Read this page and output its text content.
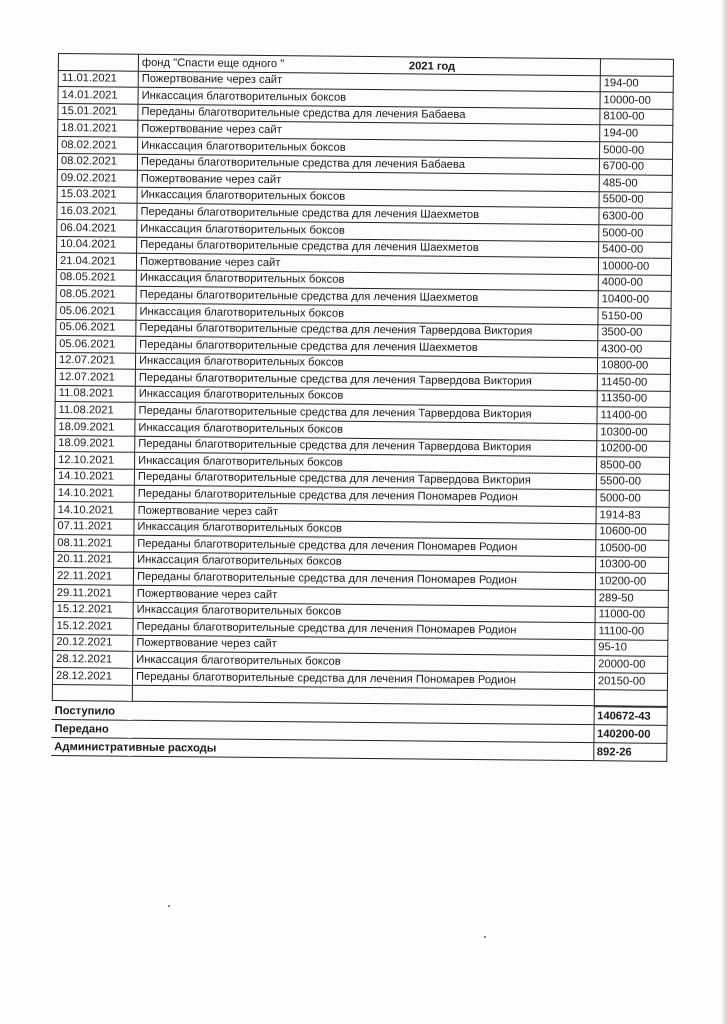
	фонд "Спасти еще одного " 2021 год	

11.01.2021	Пожертвование через сайт	194-00
14.01.2021	Инкассация благотворительных боксов	10000-00
15.01.2021	Переданы благотворительные средства для лечения Бабаева	8100-00
18.01.2021	Пожертвование через сайт	194-00
08.02.2021	Инкассация благотворительных боксов	5000-00
08.02.2021	Переданы благотворительные средства для лечения Бабаева	6700-00
09.02.2021	Пожертвование через сайт	485-00
15.03.2021	Инкассация благотворительных боксов	5500-00
16.03.2021	Переданы благотворительные средства для лечения Шаехметов	6300-00
06.04.2021	Инкассация благотворительных боксов	5000-00
10.04.2021	Переданы благотворительные средства для лечения Шаехметов	5400-00
21.04.2021	Пожертвование через сайт	10000-00
08.05.2021	Инкассация благотворительных боксов	4000-00
08.05.2021	Переданы благотворительные средства для лечения Шаехметов	10400-00
05.06.2021	Инкассация благотворительных боксов	5150-00
05.06.2021	Переданы благотворительные средства для лечения Тарвердова Виктория	3500-00
05.06.2021	Переданы благотворительные средства для лечения Шаехметов	4300-00
12.07.2021	Инкассация благотворительных боксов	10800-00
12.07.2021	Переданы благотворительные средства для лечения Тарвердова Виктория	11450-00
11.08.2021	Инкассация благотворительных боксов	11350-00
11.08.2021	Переданы благотворительные средства для лечения Тарвердова Виктория	11400-00
18.09.2021	Инкассация благотворительных боксов	10300-00
18.09.2021	Переданы благотворительные средства для лечения Тарвердова Виктория	10200-00
12.10.2021	Инкассация благотворительных боксов	8500-00
14.10.2021	Переданы благотворительные средства для лечения Тарвердова Виктория	5500-00
14.10.2021	Переданы благотворительные средства для лечения Пономарев Родион	5000-00
14.10.2021	Пожертвование через сайт	1914-83
07.11.2021	Инкассация благотворительных боксов	10600-00
08.11.2021	Переданы благотворительные средства для лечения Пономарев Родион	10500-00
20.11.2021	Инкассация благотворительных боксов	10300-00
22.11.2021	Переданы благотворительные средства для лечения Пономарев Родион	10200-00
29.11.2021	Пожертвование через сайт	289-50
15.12.2021	Инкассация благотворительных боксов	11000-00
15.12.2021	Переданы благотворительные средства для лечения Пономарев Родион	11100-00
20.12.2021	Пожертвование через сайт	95-10
28.12.2021	Инкассация благотворительных боксов	20000-00
28.12.2021	Переданы благотворительные средства для лечения Пономарев Родион	20150-00

Поступило	140672-43
Передано	140200-00
Административные расходы	892-26
